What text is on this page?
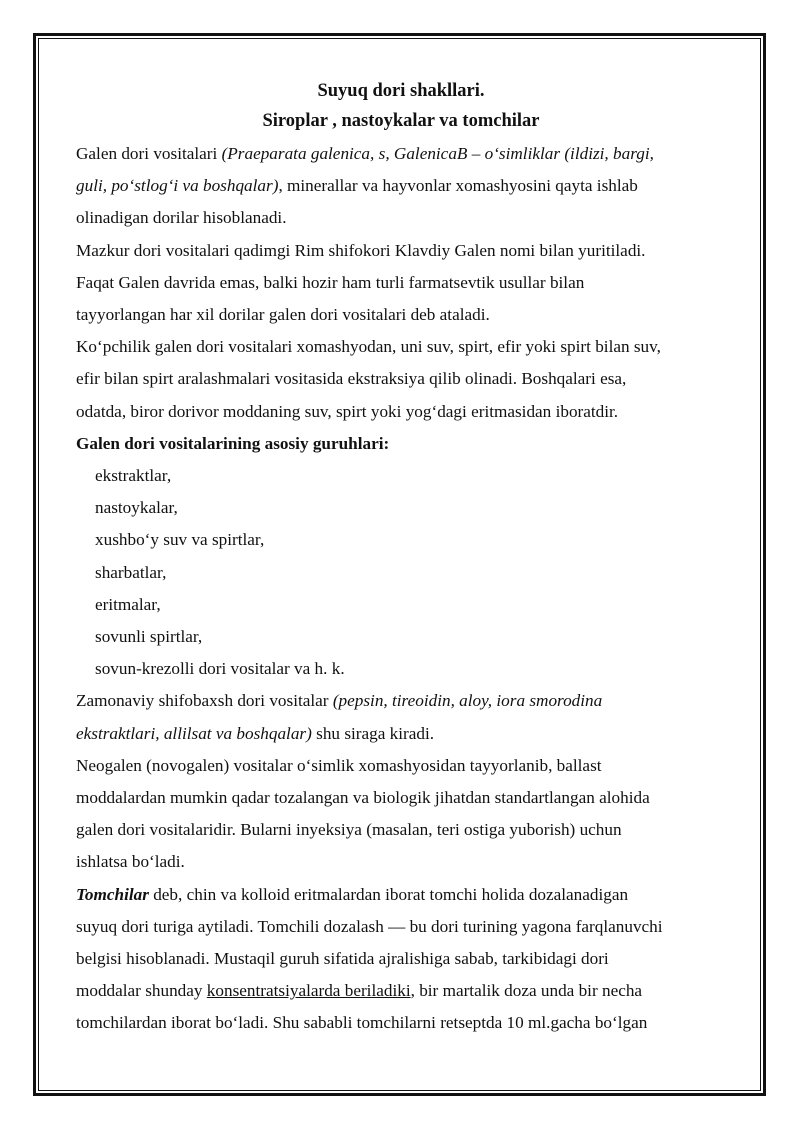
Suyuq dori shakllari.
Siroplar , nastoykalar va tomchilar

Galen dori vositalari (Praeparata galenica, s, GalenicaB – o‘simliklar (ildizi, bargi,

guli, po‘stlog‘i va boshqalar), minerallar va hayvonlar xomashyosini qayta ishlab

olinadigan dorilar hisoblanadi.

Mazkur dori vositalari qadimgi Rim shifokori Klavdiy Galen nomi bilan yuritiladi.

Faqat Galen davrida emas, balki hozir ham turli farmatsevtik usullar bilan

tayyorlangan har xil dorilar galen dori vositalari deb ataladi.

Ko‘pchilik galen dori vositalari xomashyodan, uni suv, spirt, efir yoki spirt bilan suv,

efir bilan spirt aralashmalari vositasida ekstraksiya qilib olinadi. Boshqalari esa,

odatda, biror dorivor moddaning suv, spirt yoki yog‘dagi eritmasidan iboratdir.

Galen dori vositalarining asosiy guruhlari:

ekstraktlar,

nastoykalar,

xushbo‘y suv va spirtlar,

sharbatlar,

eritmalar,

sovunli spirtlar,

sovun-krezolli dori vositalar va h. k.

Zamonaviy shifobaxsh dori vositalar (pepsin, tireoidin, aloy, iora smorodina

ekstraktlari, allilsat va boshqalar) shu siraga kiradi.

Neogalen (novogalen) vositalar o‘simlik xomashyosidan tayyorlanib, ballast

moddalardan mumkin qadar tozalangan va biologik jihatdan standartlangan alohida

galen dori vositalaridir. Bularni inyeksiya (masalan, teri ostiga yuborish) uchun

ishlatsa bo‘ladi.

Tomchilar deb, chin va kolloid eritmalardan iborat tomchi holida dozalanadigan

suyuq dori turiga aytiladi. Tomchili dozalash — bu dori turining yagona farqlanuvchi

belgisi hisoblanadi. Mustaqil guruh sifatida ajralishiga sabab, tarkibidagi dori

moddalar shunday konsentratsiyalarda beriladiki, bir martalik doza unda bir necha

tomchilardan iborat bo‘ladi. Shu sababli tomchilarni retseptda 10 ml.gacha bo‘lgan
